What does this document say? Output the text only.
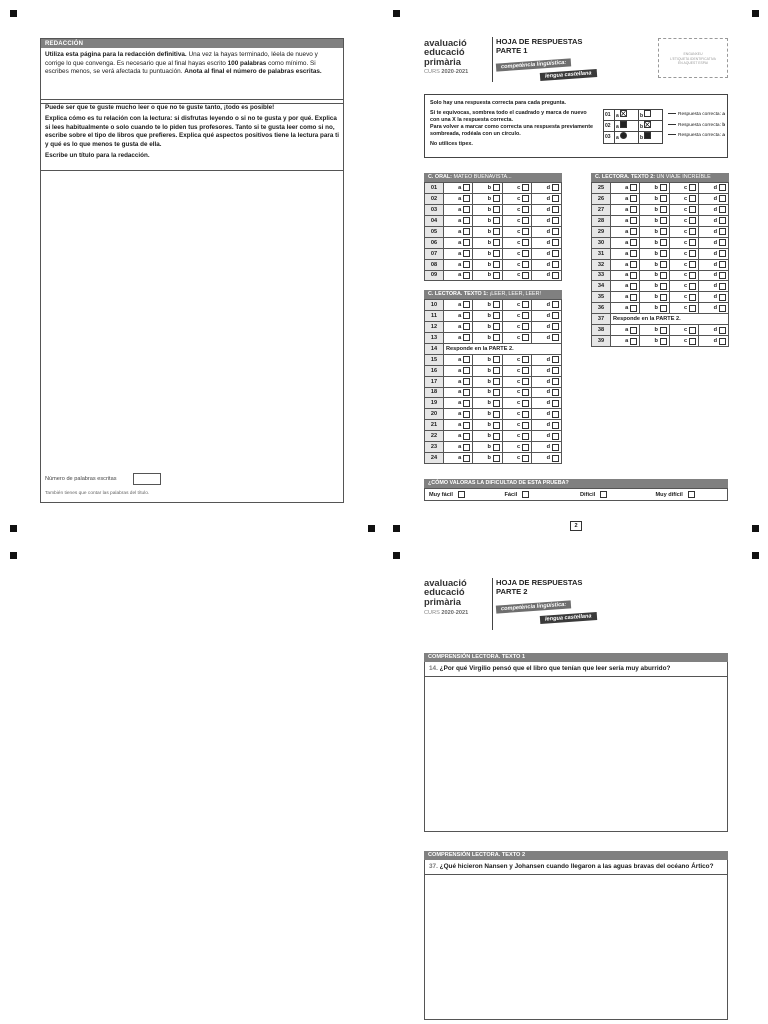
REDACCIÓN
Utiliza esta página para la redacción definitiva. Una vez la hayas terminado, léela de nuevo y corrige lo que convenga. Es necesario que al final hayas escrito 100 palabras como mínimo. Si escribes menos, se verá afectada tu puntuación. Anota al final el número de palabras escritas.

Puede ser que te guste mucho leer o que no te guste tanto, ¡todo es posible!

Explica cómo es tu relación con la lectura: si disfrutas leyendo o si no te gusta y por qué. Explica si lees habitualmente o solo cuando te lo piden tus profesores. Tanto si te gusta leer como si no, escribe sobre el tipo de libros que prefieres. Explica qué aspectos positivos tiene la lectura para ti y qué es lo que menos te gusta de ella.

Escribe un título para la redacción.

Número de palabras escritas
También tienes que contar las palabras del título.
avaluació
educació
primària
CURS 2020-2021
HOJA DE RESPUESTAS
PARTE 1
competència lingüística:
lengua castellana
ENGANXEU
L'ETIQUETA IDENTIFICATIVA
EN AQUEST ESPAI

Solo hay una respuesta correcta para cada pregunta.

Si te equivocas, sombrea todo el cuadrado y marca de nuevo con una X la respuesta correcta.

Para volver a marcar como correcta una respuesta previamente sombreada, rodéala con un círculo.

No utilices tipex.

01	a	b
02	a	b
03	a	b
Respuesta correcta: a
Respuesta correcta: b
Respuesta correcta: a
C. ORAL: MATEO BUENAVISTA...
01	a	b	c	d

02	a	b	c	d

03	a	b	c	d

04	a	b	c	d

05	a	b	c	d

06	a	b	c	d

07	a	b	c	d

08	a	b	c	d

09	a	b	c	d
C. LECTORA. TEXTO 1: ¡LEER, LEER, LEER!
10	a	b	c	d

11	a	b	c	d

12	a	b	c	d

13	a	b	c	d

14	Responde en la PARTE 2.			
15	a	b	c	d

16	a	b	c	d

17	a	b	c	d

18	a	b	c	d

19	a	b	c	d

20	a	b	c	d

21	a	b	c	d

22	a	b	c	d

23	a	b	c	d

24	a	b	c	d
C. LECTORA. TEXTO 2: UN VIAJE INCREÍBLE
25	a	b	c	d

26	a	b	c	d

27	a	b	c	d

28	a	b	c	d

29	a	b	c	d

30	a	b	c	d

31	a	b	c	d

32	a	b	c	d

33	a	b	c	d

34	a	b	c	d

35	a	b	c	d

36	a	b	c	d

37	Responde en la PARTE 2.			
38	a	b	c	d

39	a	b	c	d
¿CÓMO VALORAS LA DIFICULTAD DE ESTA PRUEBA?
Muy fácil	Fácil	Difícil	Muy difícil
2
avaluació
educació
primària
CURS 2020-2021
HOJA DE RESPUESTAS
PARTE 2
competència lingüística:
lengua castellana
COMPRENSIÓN LECTORA. TEXTO 1
14. ¿Por qué Virgilio pensó que el libro que tenían que leer sería muy aburrido?
COMPRENSIÓN LECTORA. TEXTO 2
37. ¿Qué hicieron Nansen y Johansen cuando llegaron a las aguas bravas del océano Ártico?
